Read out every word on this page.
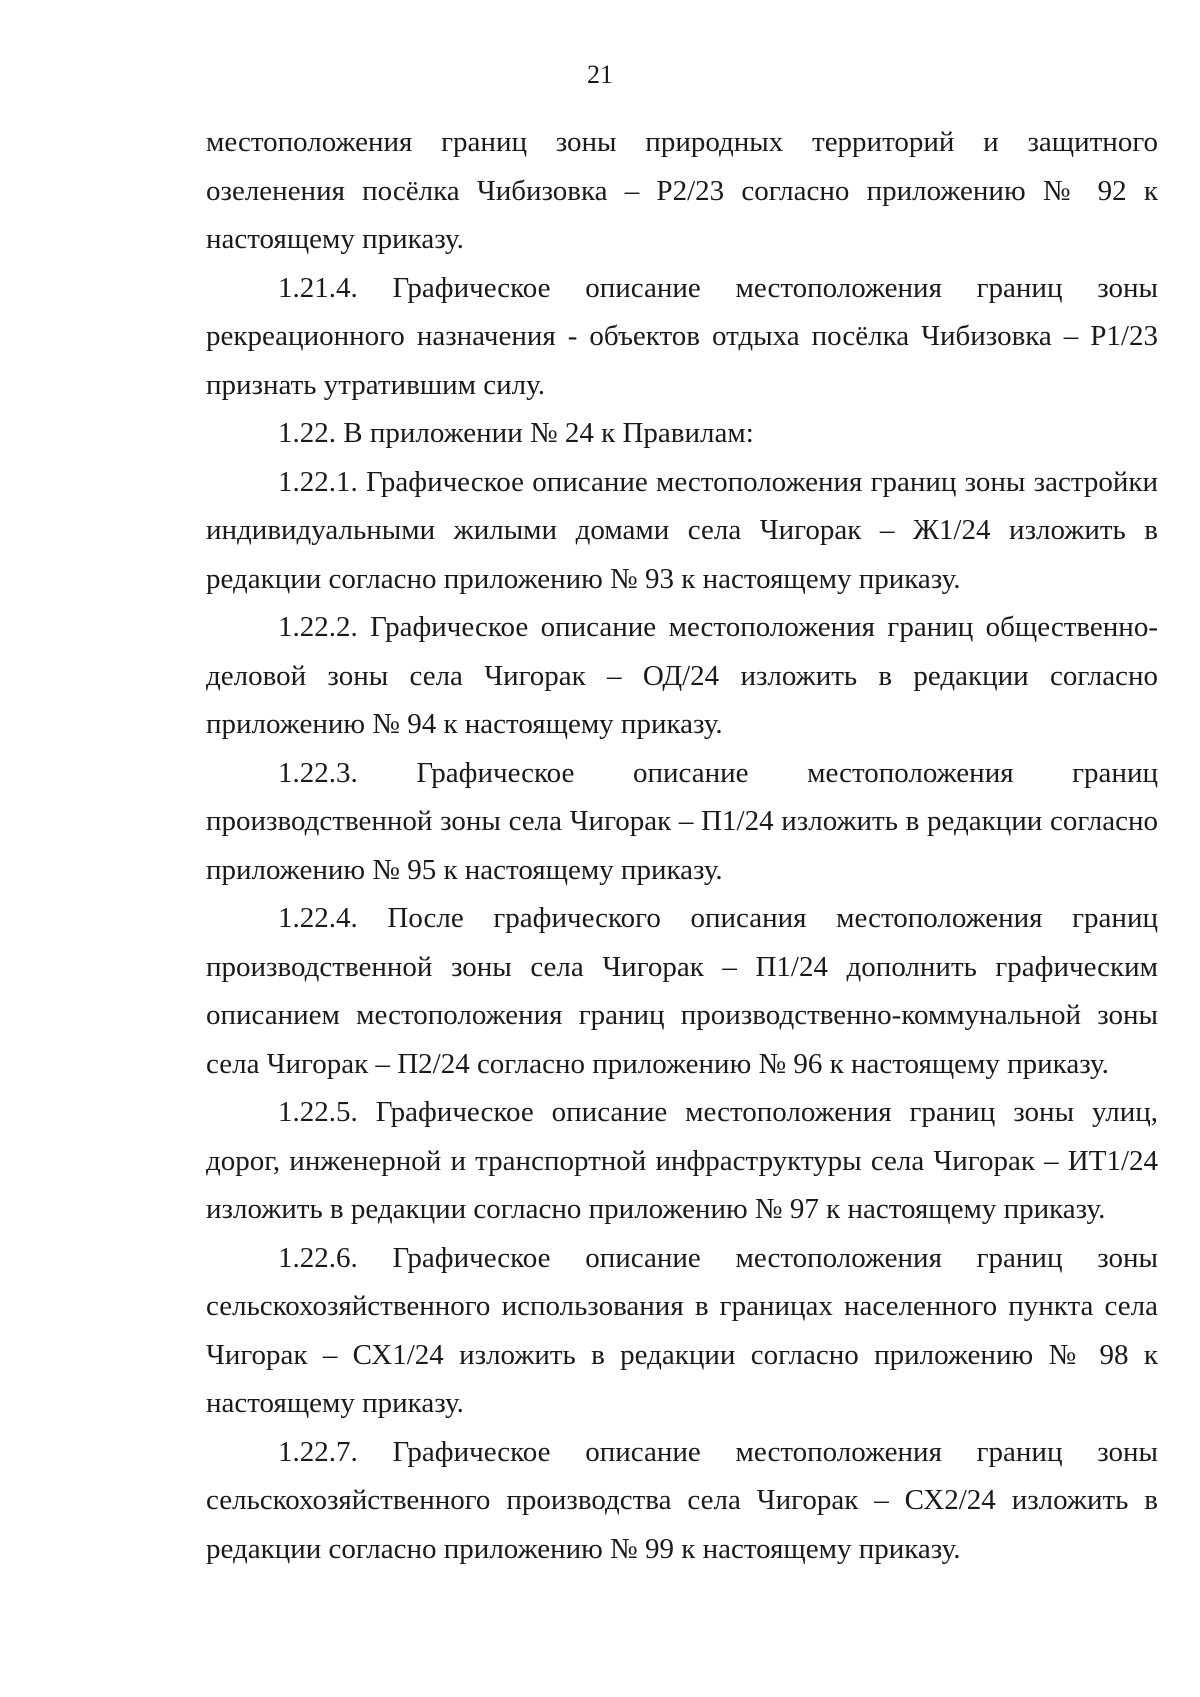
21

местоположения границ зоны природных территорий и защитного озеленения посёлка Чибизовка – Р2/23 согласно приложению № 92 к настоящему приказу.

1.21.4. Графическое описание местоположения границ зоны рекреационного назначения - объектов отдыха посёлка Чибизовка – Р1/23 признать утратившим силу.

1.22. В приложении № 24 к Правилам:

1.22.1. Графическое описание местоположения границ зоны застройки индивидуальными жилыми домами села Чигорак – Ж1/24 изложить в редакции согласно приложению № 93 к настоящему приказу.

1.22.2. Графическое описание местоположения границ общественно-деловой зоны села Чигорак – ОД/24 изложить в редакции согласно приложению № 94 к настоящему приказу.

1.22.3. Графическое описание местоположения границ производственной зоны села Чигорак – П1/24 изложить в редакции согласно приложению № 95 к настоящему приказу.

1.22.4. После графического описания местоположения границ производственной зоны села Чигорак – П1/24 дополнить графическим описанием местоположения границ производственно-коммунальной зоны села Чигорак – П2/24 согласно приложению № 96 к настоящему приказу.

1.22.5. Графическое описание местоположения границ зоны улиц, дорог, инженерной и транспортной инфраструктуры села Чигорак – ИТ1/24 изложить в редакции согласно приложению № 97 к настоящему приказу.

1.22.6. Графическое описание местоположения границ зоны сельскохозяйственного использования в границах населенного пункта села Чигорак – СХ1/24 изложить в редакции согласно приложению № 98 к настоящему приказу.

1.22.7. Графическое описание местоположения границ зоны сельскохозяйственного производства села Чигорак – СХ2/24 изложить в редакции согласно приложению № 99 к настоящему приказу.
